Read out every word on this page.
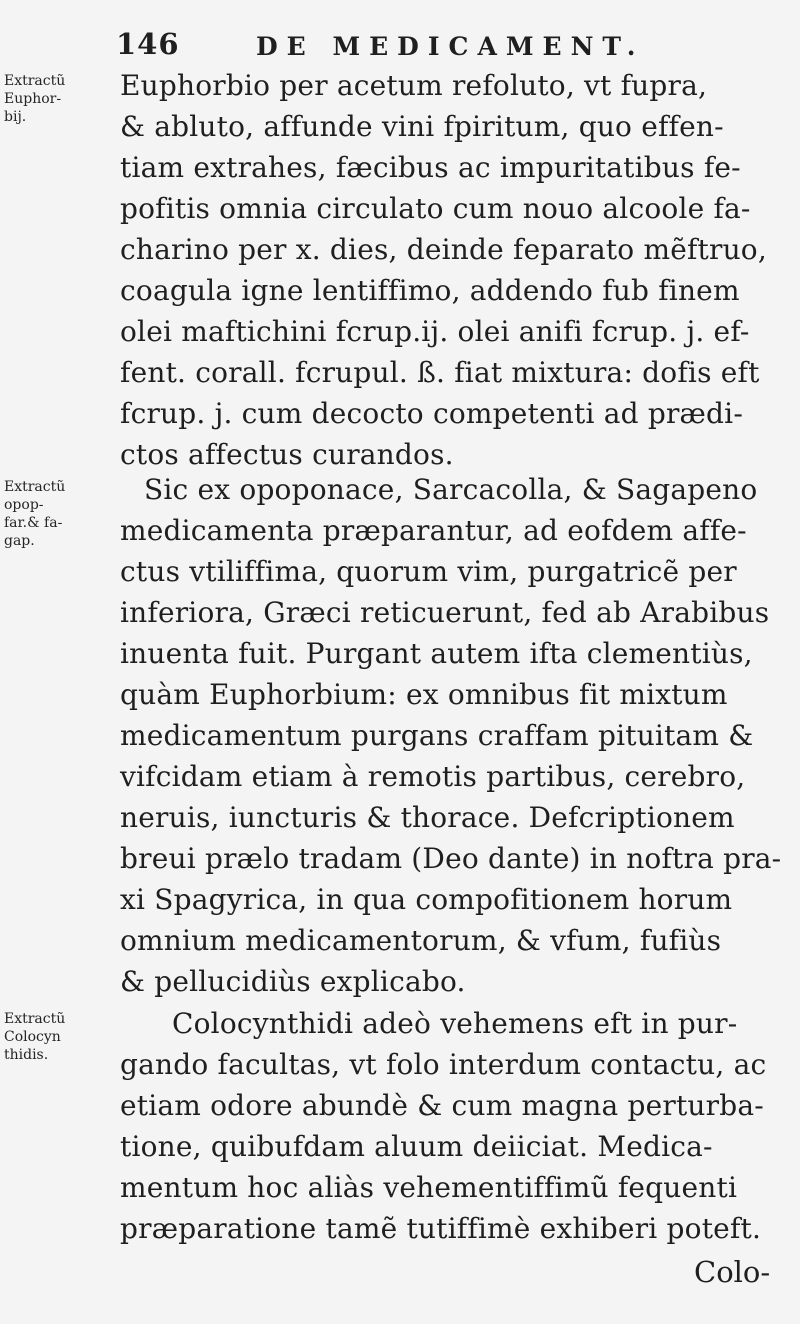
146	DE MEDICAMENT.
Extractũ
Euphor-
bij.
Extractũ
opop-
far.& fa-
gap.
Extractũ
Colocyn
thidis.
Euphorbio per acetum refoluto, vt fupra,
& abluto, affunde vini fpiritum, quo effen-
tiam extrahes, fæcibus ac impuritatibus fe-
pofitis omnia circulato cum nouo alcoole fa-
charino per x. dies, deinde feparato mẽftruo,
coagula igne lentiffimo, addendo fub finem
olei maftichini fcrup.ij. olei anifi fcrup. j. ef-
fent. corall. fcrupul. ß. fiat mixtura: dofis eft
fcrup. j. cum decocto competenti ad prædi-
ctos affectus curandos.
Sic ex opoponace, Sarcacolla, & Sagapeno
medicamenta præparantur, ad eofdem affe-
ctus vtiliffima, quorum vim, purgatricẽ per
inferiora, Græci reticuerunt, fed ab Arabibus
inuenta fuit. Purgant autem ifta clementiùs,
quàm Euphorbium: ex omnibus fit mixtum
medicamentum purgans craffam pituitam &
vifcidam etiam à remotis partibus, cerebro,
neruis, iuncturis & thorace. Defcriptionem
breui prælo tradam (Deo dante) in noftra pra-
xi Spagyrica, in qua compofitionem horum
omnium medicamentorum, & vfum, fufiùs
& pellucidiùs explicabo.
Colocynthidi adeò vehemens eft in pur-
gando facultas, vt folo interdum contactu, ac
etiam odore abundè & cum magna perturba-
tione, quibufdam aluum deiiciat. Medica-
mentum hoc aliàs vehementiffimũ fequenti
præparatione tamẽ tutiffimè exhiberi poteft.
Colo-
